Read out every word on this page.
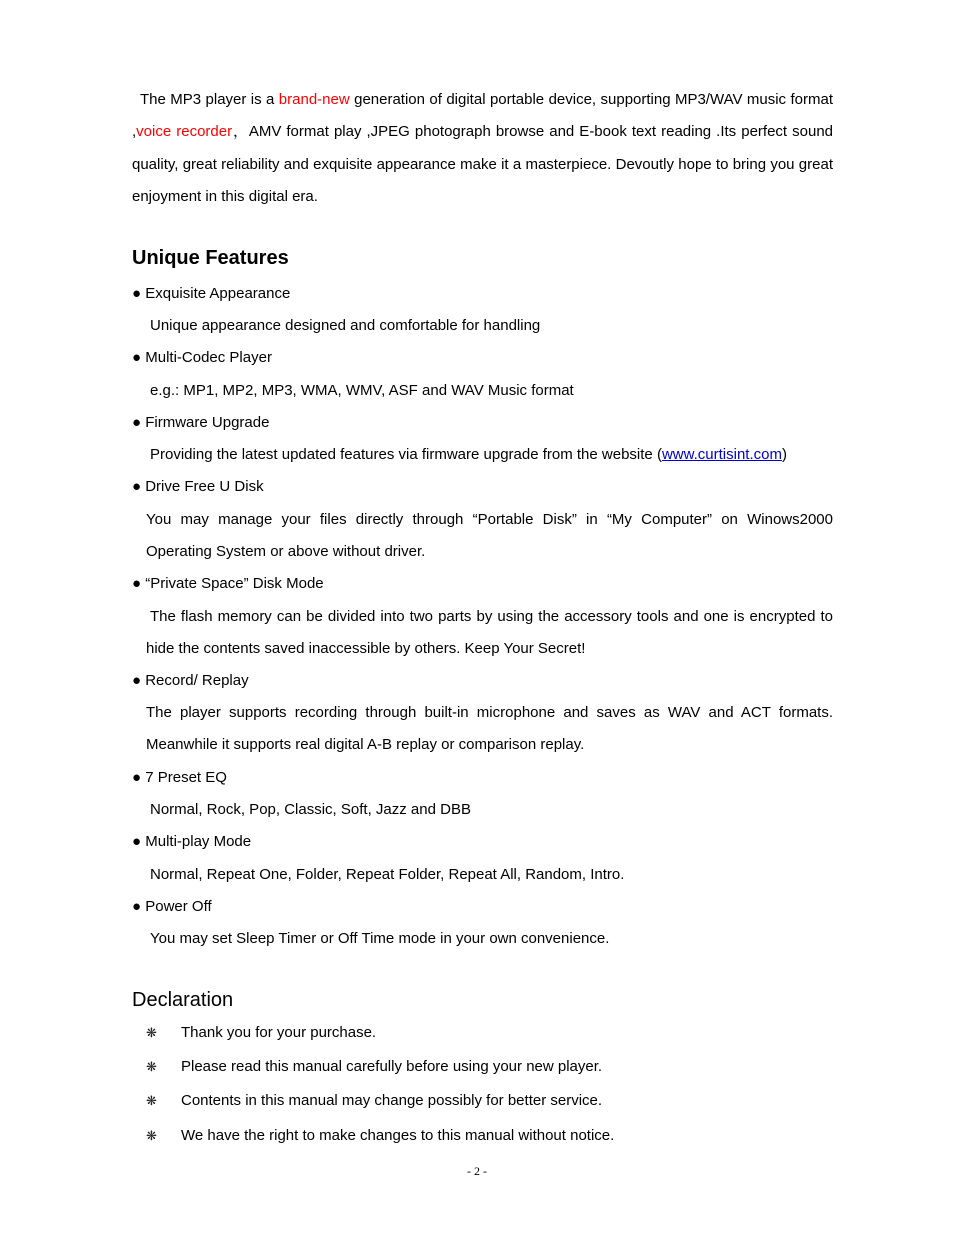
The MP3 player is a brand-new generation of digital portable device, supporting MP3/WAV music format ,voice recorder，AMV format play ,JPEG photograph browse and E-book text reading .Its perfect sound quality, great reliability and exquisite appearance make it a masterpiece. Devoutly hope to bring you great enjoyment in this digital era.

Unique Features

● Exquisite Appearance

Unique appearance designed and comfortable for handling

● Multi-Codec Player

e.g.: MP1, MP2, MP3, WMA, WMV, ASF and WAV Music format

● Firmware Upgrade

Providing the latest updated features via firmware upgrade from the website (www.curtisint.com)

● Drive Free U Disk

You may manage your files directly through “Portable Disk” in “My Computer” on Winows2000 Operating System or above without driver.

● “Private Space” Disk Mode

The flash memory can be divided into two parts by using the accessory tools and one is encrypted to hide the contents saved inaccessible by others. Keep Your Secret!

● Record/ Replay

The player supports recording through built-in microphone and saves as WAV and ACT formats. Meanwhile it supports real digital A-B replay or comparison replay.

● 7 Preset EQ

Normal, Rock, Pop, Classic, Soft, Jazz and DBB

● Multi-play Mode

Normal, Repeat One, Folder, Repeat Folder, Repeat All, Random, Intro.

● Power Off

You may set Sleep Timer or Off Time mode in your own convenience.

Declaration
❋ Thank you for your purchase.

❋ Please read this manual carefully before using your new player.

❋ Contents in this manual may change possibly for better service.

❋ We have the right to make changes to this manual without notice.

- 2 -
